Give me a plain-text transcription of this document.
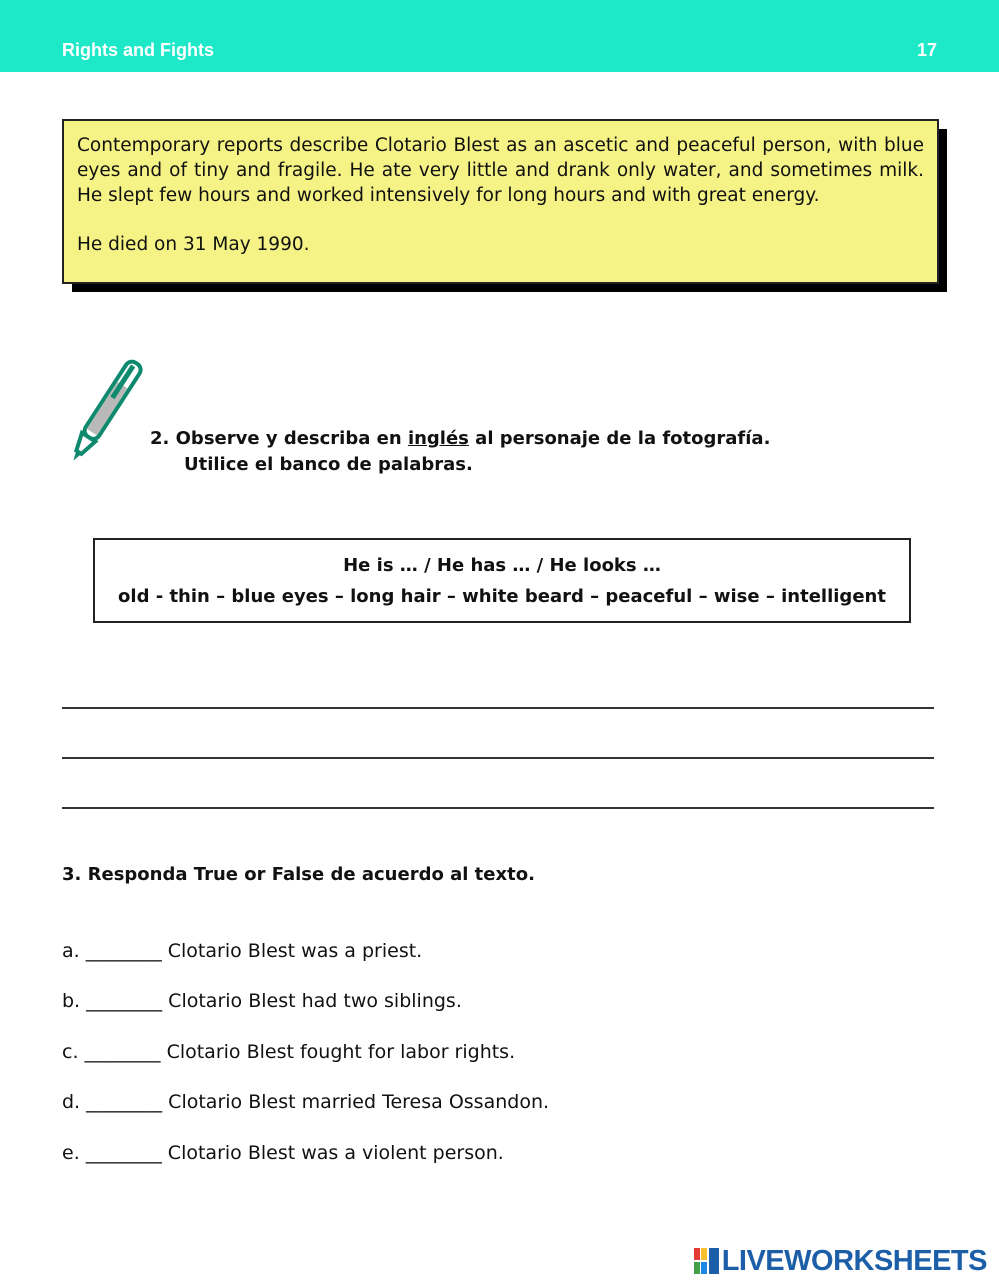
Rights and Fights	17

Contemporary reports describe Clotario Blest as an ascetic and peaceful person, with blue eyes and of tiny and fragile. He ate very little and drank only water, and sometimes milk. He slept few hours and worked intensively for long hours and with great energy.

He died on 31 May 1990.

2. Observe y describa en inglés al personaje de la fotografía.
Utilice el banco de palabras.
He is … / He has … / He looks …
old - thin – blue eyes – long hair – white beard – peaceful – wise – intelligent
3. Responda True or False de acuerdo al texto.
a. ________ Clotario Blest was a priest.
b. ________ Clotario Blest had two siblings.
c. ________ Clotario Blest fought for labor rights.
d. ________ Clotario Blest married Teresa Ossandon.
e. ________ Clotario Blest was a violent person.
LIVEWORKSHEETS
